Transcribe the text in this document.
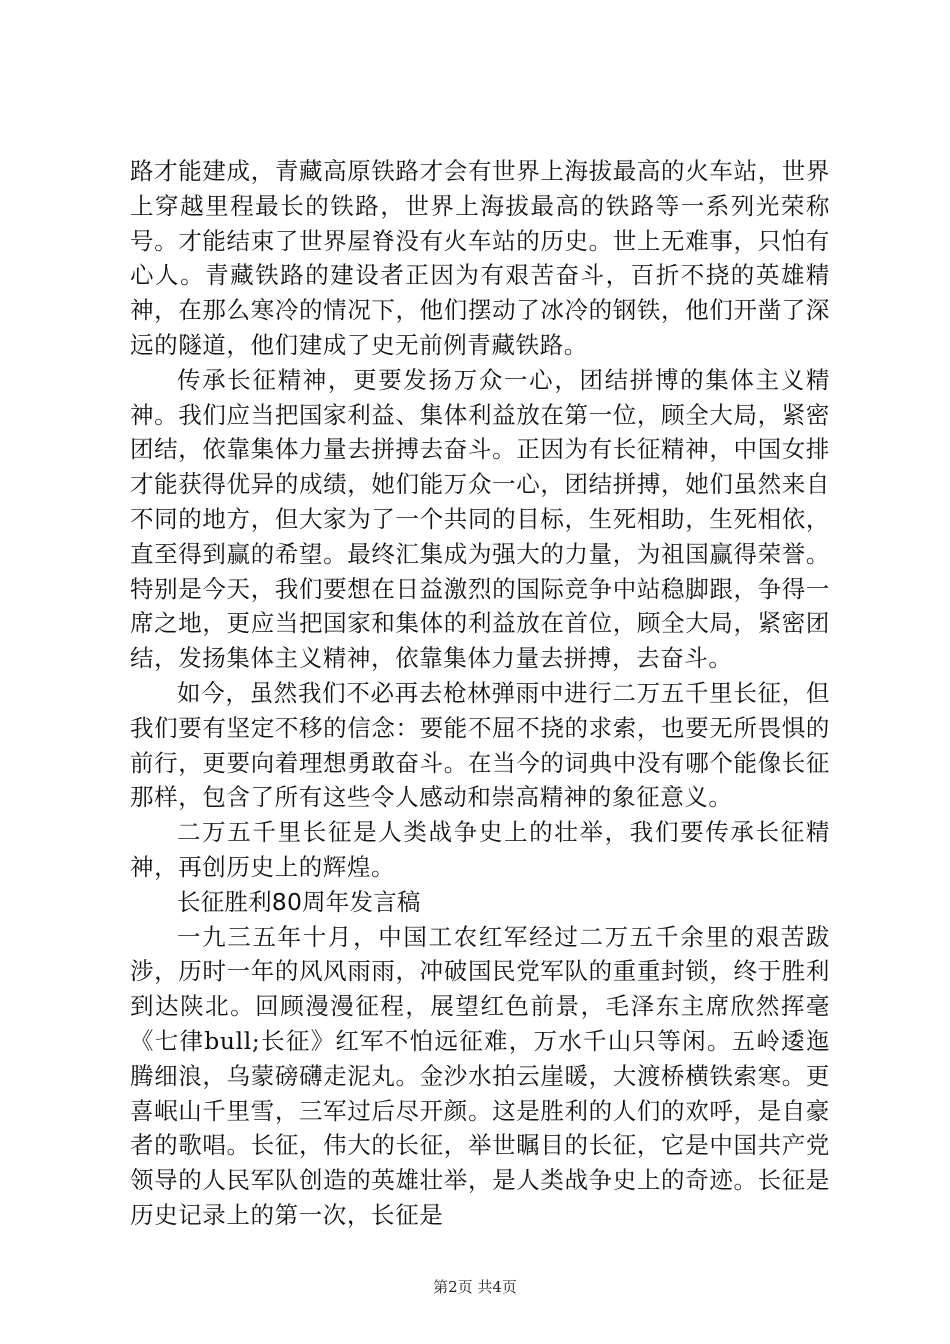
路才能建成，青藏高原铁路才会有世界上海拔最高的火车站，世界上穿越里程最长的铁路，世界上海拔最高的铁路等一系列光荣称号。才能结束了世界屋脊没有火车站的历史。世上无难事，只怕有心人。青藏铁路的建设者正因为有艰苦奋斗，百折不挠的英雄精神，在那么寒冷的情况下，他们摆动了冰冷的钢铁，他们开凿了深远的隧道，他们建成了史无前例青藏铁路。

传承长征精神，更要发扬万众一心，团结拼博的集体主义精神。我们应当把国家利益、集体利益放在第一位，顾全大局，紧密团结，依靠集体力量去拼搏去奋斗。正因为有长征精神，中国女排才能获得优异的成绩，她们能万众一心，团结拼搏，她们虽然来自不同的地方，但大家为了一个共同的目标，生死相助，生死相依，直至得到赢的希望。最终汇集成为强大的力量，为祖国赢得荣誉。特别是今天，我们要想在日益激烈的国际竞争中站稳脚跟，争得一席之地，更应当把国家和集体的利益放在首位，顾全大局，紧密团结，发扬集体主义精神，依靠集体力量去拼搏，去奋斗。

如今，虽然我们不必再去枪林弹雨中进行二万五千里长征，但我们要有坚定不移的信念：要能不屈不挠的求索，也要无所畏惧的前行，更要向着理想勇敢奋斗。在当今的词典中没有哪个能像长征那样，包含了所有这些令人感动和崇高精神的象征意义。

二万五千里长征是人类战争史上的壮举，我们要传承长征精神，再创历史上的辉煌。

长征胜利80周年发言稿

一九三五年十月，中国工农红军经过二万五千余里的艰苦跋涉，历时一年的风风雨雨，冲破国民党军队的重重封锁，终于胜利到达陕北。回顾漫漫征程，展望红色前景，毛泽东主席欣然挥毫《七律bull;长征》红军不怕远征难，万水千山只等闲。五岭逶迤腾细浪，乌蒙磅礴走泥丸。金沙水拍云崖暖，大渡桥横铁索寒。更喜岷山千里雪，三军过后尽开颜。这是胜利的人们的欢呼，是自豪者的歌唱。长征，伟大的长征，举世瞩目的长征，它是中国共产党领导的人民军队创造的英雄壮举，是人类战争史上的奇迹。长征是历史记录上的第一次，长征是

第2页 共4页
